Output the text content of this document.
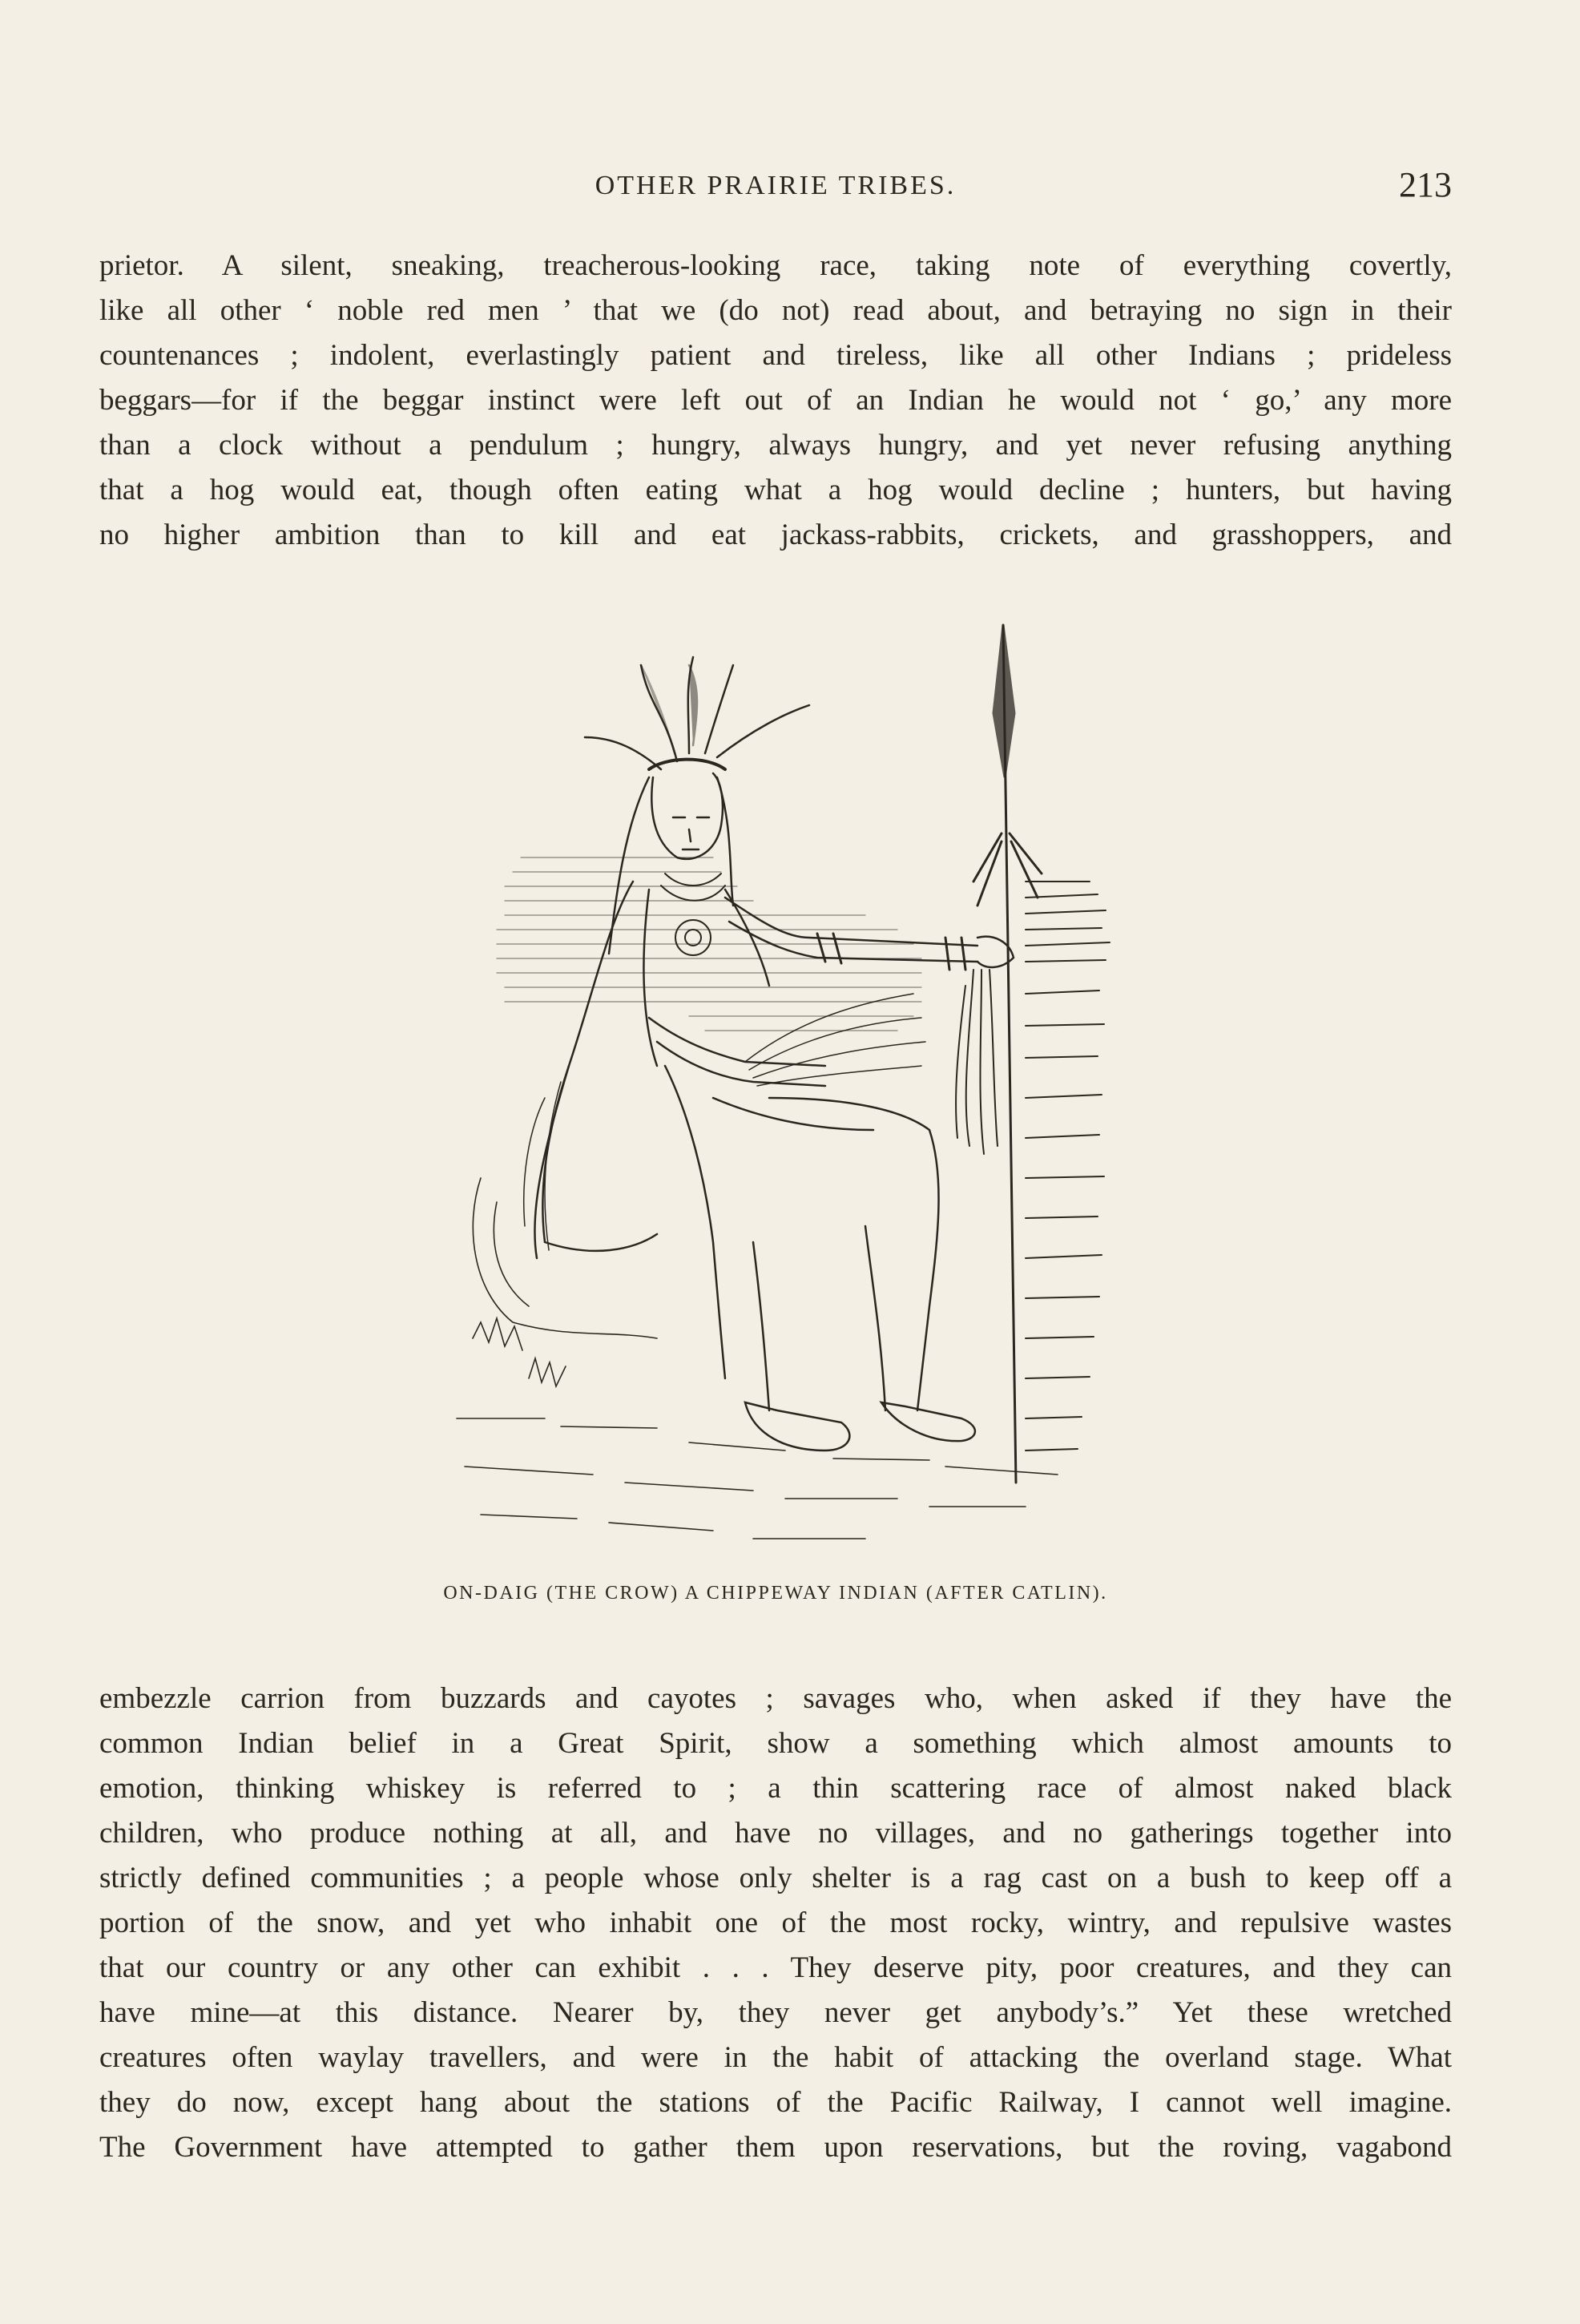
OTHER PRAIRIE TRIBES.	213
prietor. A silent, sneaking, treacherous-looking race, taking note of everything covertly,
like all other ‘ noble red men ’ that we (do not) read about, and betraying no sign in their
countenances ; indolent, everlastingly patient and tireless, like all other Indians ; prideless
beggars—for if the beggar instinct were left out of an Indian he would not ‘ go,’ any more
than a clock without a pendulum ; hungry, always hungry, and yet never refusing anything
that a hog would eat, though often eating what a hog would decline ; hunters, but having
no higher ambition than to kill and eat jackass-rabbits, crickets, and grasshoppers, and
ON-DAIG (THE CROW) A CHIPPEWAY INDIAN (AFTER CATLIN).
embezzle carrion from buzzards and cayotes ; savages who, when asked if they have the
common Indian belief in a Great Spirit, show a something which almost amounts to
emotion, thinking whiskey is referred to ; a thin scattering race of almost naked black
children, who produce nothing at all, and have no villages, and no gatherings together into
strictly defined communities ; a people whose only shelter is a rag cast on a bush to keep off a
portion of the snow, and yet who inhabit one of the most rocky, wintry, and repulsive wastes
that our country or any other can exhibit . . . They deserve pity, poor creatures, and they can
have mine—at this distance. Nearer by, they never get anybody’s.” Yet these wretched
creatures often waylay travellers, and were in the habit of attacking the overland stage. What
they do now, except hang about the stations of the Pacific Railway, I cannot well imagine.
The Government have attempted to gather them upon reservations, but the roving, vagabond
